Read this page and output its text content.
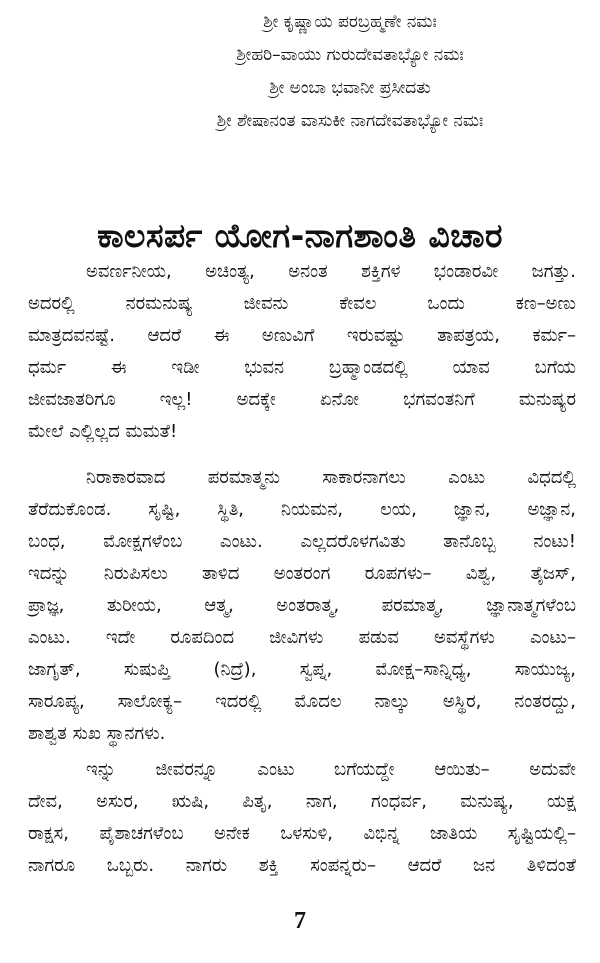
ಶ್ರೀ ಕೃಷ್ಣಾಯ ಪರಬ್ರಹ್ಮಣೇ ನಮಃ
ಶ್ರೀಹರಿ–ವಾಯು ಗುರುದೇವತಾಭ್ಯೋ ನಮಃ
ಶ್ರೀ ಅಂಬಾ ಭವಾನೀ ಪ್ರಸೀದತು
ಶ್ರೀ ಶೇಷಾನಂತ ವಾಸುಕೀ ನಾಗದೇವತಾಭ್ಯೋ ನಮಃ
ಕಾಲಸರ್ಪ ಯೋಗ-ನಾಗಶಾಂತಿ ವಿಚಾರ
ಅವರ್ಣನೀಯ, ಅಚಿಂತ್ಯ, ಅನಂತ ಶಕ್ತಿಗಳ ಭಂಡಾರವೀ ಜಗತ್ತು.
ಅದರಲ್ಲಿ ನರಮನುಷ್ಯ ಜೀವನು ಕೇವಲ ಒಂದು ಕಣ–ಅಣು
ಮಾತ್ರದವನಷ್ಟೆ. ಆದರೆ ಈ ಅಣುವಿಗೆ ಇರುವಷ್ಟು ತಾಪತ್ರಯ, ಕರ್ಮ–
ಧರ್ಮ ಈ ಇಡೀ ಭುವನ ಬ್ರಹ್ಮಾಂಡದಲ್ಲಿ ಯಾವ ಬಗೆಯ
ಜೀವಜಾತರಿಗೂ ಇಲ್ಲ! ಅದಕ್ಕೇ ಏನೋ ಭಗವಂತನಿಗೆ ಮನುಷ್ಯರ
ಮೇಲೆ ಎಲ್ಲಿಲ್ಲದ ಮಮತೆ!
ನಿರಾಕಾರವಾದ ಪರಮಾತ್ಮನು ಸಾಕಾರನಾಗಲು ಎಂಟು ವಿಧದಲ್ಲಿ
ತೆರೆದುಕೊಂಡ. ಸೃಷ್ಟಿ, ಸ್ಥಿತಿ, ನಿಯಮನ, ಲಯ, ಜ್ಞಾನ, ಅಜ್ಞಾನ,
ಬಂಧ, ಮೋಕ್ಷಗಳೆಂಬ ಎಂಟು. ಎಲ್ಲದರೊಳಗವಿತು ತಾನೊಬ್ಬ ನಂಟು!
ಇದನ್ನು ನಿರುಪಿಸಲು ತಾಳಿದ ಅಂತರಂಗ ರೂಪಗಳು– ವಿಶ್ವ, ತೈಜಸ್,
ಪ್ರಾಜ್ಞ, ತುರೀಯ, ಆತ್ಮ, ಅಂತರಾತ್ಮ, ಪರಮಾತ್ಮ, ಜ್ಞಾನಾತ್ಮಗಳೆಂಬ
ಎಂಟು. ಇದೇ ರೂಪದಿಂದ ಜೀವಿಗಳು ಪಡುವ ಅವಸ್ಥೆಗಳು ಎಂಟು–
ಜಾಗೃತ್, ಸುಷುಪ್ತಿ (ನಿದ್ರೆ), ಸ್ವಪ್ನ, ಮೋಕ್ಷ–ಸಾನ್ನಿಧ್ಯ, ಸಾಯುಜ್ಯ,
ಸಾರೂಪ್ಯ, ಸಾಲೋಕ್ಯ– ಇದರಲ್ಲಿ ಮೊದಲ ನಾಲ್ಕು ಅಸ್ಥಿರ, ನಂತರದ್ದು,
ಶಾಶ್ವತ ಸುಖ ಸ್ಥಾನಗಳು.
ಇನ್ನು ಜೀವರನ್ನೂ ಎಂಟು ಬಗೆಯದ್ದೇ ಆಯಿತು– ಅದುವೇ
ದೇವ, ಅಸುರ, ಋಷಿ, ಪಿತೃ, ನಾಗ, ಗಂಧರ್ವ, ಮನುಷ್ಯ, ಯಕ್ಷ
ರಾಕ್ಷಸ, ಪೈಶಾಚಗಳೆಂಬ ಅನೇಕ ಒಳಸುಳಿ, ವಿಭಿನ್ನ ಜಾತಿಯ ಸೃಷ್ಟಿಯಲ್ಲಿ–
ನಾಗರೂ ಒಬ್ಬರು. ನಾಗರು ಶಕ್ತಿ ಸಂಪನ್ನರು– ಆದರೆ ಜನ ತಿಳಿದಂತೆ
7
